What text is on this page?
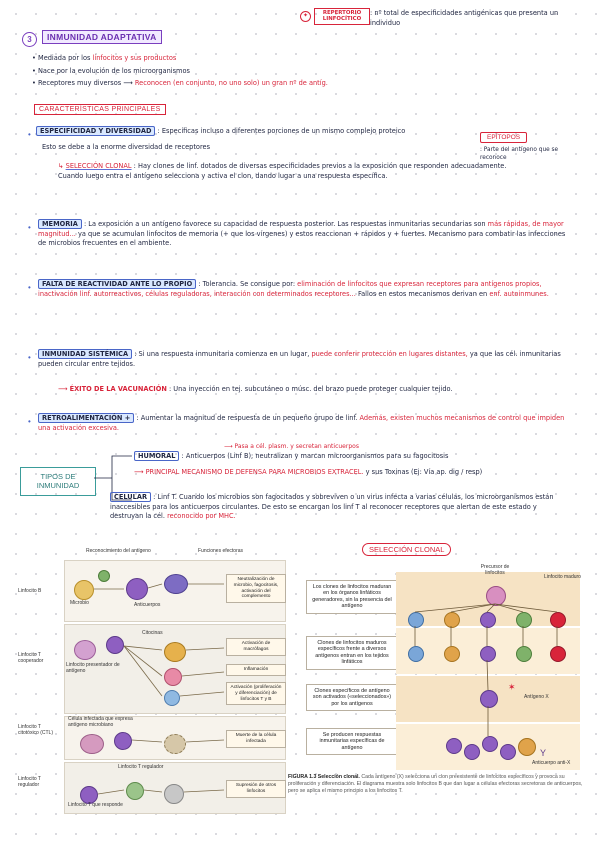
3	INMUNIDAD ADAPTATIVA
✦	REPERTORIO LINFOCÍTICO
: nº total de especificidades antigénicas que presenta un individuo
• Mediada por los linfocitos y sus productos
• Nace por la evolución de los microorganismos
• Receptores muy diversos ⟶ Reconocen (en conjunto, no uno solo) un gran nº de antíg.
CARACTERÍSTICAS PRINCIPALES
•	ESPECIFICIDAD Y DIVERSIDAD : Específicas incluso a diferentes porciones de un mismo complejo proteico
Esto se debe a la enorme diversidad de receptores
EPÍTOPOS
: Parte del antígeno que se reconoce
↳ SELECCIÓN CLONAL : Hay clones de linf. dotados de diversas especificidades previos a la exposición que responden adecuadamente. Cuando luego entra el antígeno selecciona y activa el clon, dando lugar a una respuesta específica.
•	MEMORIA : La exposición a un antígeno favorece su capacidad de respuesta posterior. Las respuestas inmunitarias secundarias son más rápidas, de mayor magnitud... ya que se acumulan linfocitos de memoria (+ que los vírgenes) y estos reaccionan + rápidos y + fuertes. Mecanismo para combatir las infecciones de microbios frecuentes en el ambiente.
•	FALTA DE REACTIVIDAD ANTE LO PROPIO : Tolerancia. Se consigue por: eliminación de linfocitos que expresan receptores para antígenos propios, inactivación linf. autorreactivos, células reguladoras, interacción con determinados receptores... Fallos en estos mecanismos derivan en enf. autoinmunes.
•	INMUNIDAD SISTÉMICA : Si una respuesta inmunitaria comienza en un lugar, puede conferir protección en lugares distantes, ya que las cél. inmunitarias pueden circular entre tejidos.
⟶ ÉXITO DE LA VACUNACIÓN : Una inyección en tej. subcutáneo o músc. del brazo puede proteger cualquier tejido.
•	RETROALIMENTACIÓN + : Aumentar la magnitud de respuesta de un pequeño grupo de linf. Además, existen muchos mecanismos de control que impiden una activación excesiva.
TIPOS DE INMUNIDAD
⟶ Pasa a cél. plasm. y secretan anticuerpos
HUMORAL : Anticuerpos (Linf B); neutralizan y marcan microorganismos para su fagocitosis
⟶ PRINCIPAL MECANISMO DE DEFENSA PARA MICROBIOS EXTRACEL. y sus Toxinas (Ej: Vía ap. dig / resp)
CELULAR : Linf T. Cuando los microbios son fagocitados y sobreviven o un virus infecta a varias células, los microorganismos están inaccesibles para los anticuerpos circulantes. De esto se encargan los linf T al reconocer receptores que alertan de este estado y destruyan la cél. reconocido por MHC.
Reconocimiento del antígeno	Funciones efectoras
Linfocito B
Linfocito T cooperador
Linfocito T citotóxico (CTL)
Linfocito T regulador
Microbio	Anticuerpos
Linfocito presentador de antígeno
Citocinas
Célula infectada que expresa antígeno microbiano
Linfocito T regulador
Linfocito T que responde
Neutralización de microbio, fagocitosis, activación del complemento
Activación de macrófagos
Inflamación
Activación (proliferación y diferenciación) de linfocitos T y B
Muerte de la célula infectada
Supresión de otros linfocitos
SELECCIÓN CLONAL
Los clones de linfocitos maduran en los órganos linfáticos generadores, sin la presencia del antígeno
Clones de linfocitos maduros específicos frente a diversos antígenos entran en los tejidos linfáticos
Clones específicos de antígeno son activados («seleccionados») por los antígenos
Se producen respuestas inmunitarias específicas de antígeno
Precursor de linfocitos
Linfocito maduro
✶
Antígeno X
Y
Anticuerpo anti-X
FIGURA 1.3 Selección clonal. Cada antígeno (X) selecciona un clon preexistente de linfocitos específicos y provoca su proliferación y diferenciación. El diagrama muestra solo linfocitos B que dan lugar a células efectoras secretoras de anticuerpos, pero se aplica el mismo principio a los linfocitos T.
